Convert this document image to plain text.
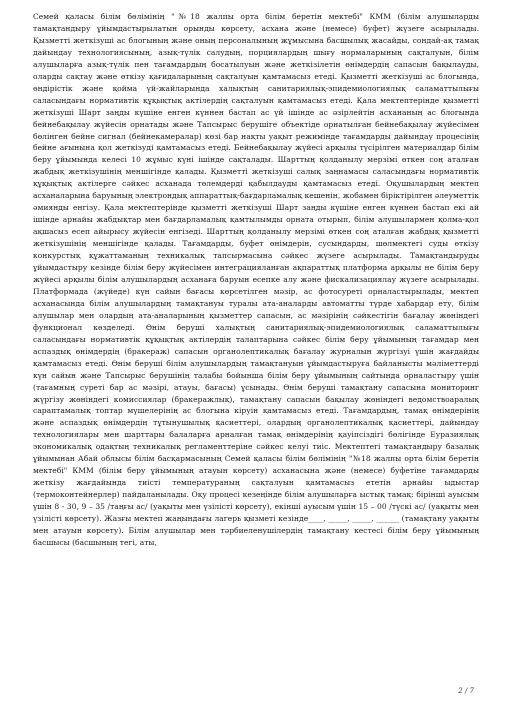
Семей қаласы білім бөлімінің "№18 жалпы орта білім беретін мектебі" КММ (білім алушыларды тамақтандыру ұйымдастырылатын орынды көрсету, асхана және (немесе) буфет) жүзеге асырылады. Қызметті жеткізуші ас блогының және оның персоналының жұмысына басшылық жасайды, сондай-ақ тамақ дайындау технологиясының, азық-түлік салудың, порциялардың шығу нормаларының сақталуын, білім алушыларға азық-түлік пен тағамдардың босатылуын және жеткізілетін өнімдердің сапасын бақылауды, оларды сақтау және өткізу қағидаларының сақталуын қамтамасыз етеді. Қызметті жеткізуші ас блогында, өндірістік және қойма үй-жайларында халықтың санитариялық-эпидемиологиялық саламаттылығы саласындағы нормативтік құқықтық актілердің сақталуын қамтамасыз етеді. Қала мектептерінде қызметті жеткізуші Шарт заңды күшіне енген күннен бастап ас үй ішінде ас әзірлейтін асхананың ас блогында бейнебақылау жүйесін орнатады және Тапсырыс берушіге объектіде орнатылған бейнебақылау жүйесімен бөлінген бейне сигнал (бейнекамералар) көзі бар нақты уақыт режимінде тағамдарды дайындау процесінің бейне ағынына қол жеткізуді қамтамасыз етеді. Бейнебақылау жүйесі арқылы түсірілген материалдар білім беру ұйымында келесі 10 жұмыс күні ішінде сақталады. Шарттың қолданылу мерзімі өткен соң аталған жабдық жеткізушінің меншігінде қалады. Қызметті жеткізуші салық заңнамасы саласындағы нормативтік құқықтық актілерге сәйкес асханада төлемдерді қабылдауды қамтамасыз етеді. Оқушылардың мектеп асханаларына баруының электрондық аппараттық-бағдарламалық кешенін, жобамен біріктірілген әлеуметтік әмиянды енгізу. Қала мектептерінде қызметті жеткізуші Шарт заңды күшіне енген күннен бастап екі ай ішінде арнайы жабдықтар мен бағдарламалық қамтылымды орната отырып, білім алушылармен қолма-қол ақшасыз есеп айырысу жүйесін енгізеді. Шарттың қолданылу мерзімі өткен соң аталған жабдық қызметті жеткізушінің меншігінде қалады. Тағамдарды, буфет өнімдерін, сусындарды, шөлмектегі суды өткізу конкурстық құжаттаманың техникалық тапсырмасына сәйкес жүзеге асырылады. Тамақтандыруды ұйымдастыру кезінде білім беру жүйесімен интеграцияланған ақпараттық платформа арқылы не білім беру жүйесі арқылы білім алушылардың асханаға баруын есепке алу және фискализациялау жүзеге асырылады. Платформада (жүйеде) күн сайын бағасы көрсетілген мәзір, ас фотосуреті орналастырылады, мектеп асханасында білім алушылардың тамақтануы туралы ата-аналарды автоматты түрде хабардар ету, білім алушылар мен олардың ата-аналарының қызметтер сапасын, ас мәзірінің сәйкестігін бағалау жөніндегі функционал көзделеді. Өнім беруші халықтың санитариялық-эпидемиологиялық саламаттылығы саласындағы нормативтік құқықтық актілердің талаптарына сәйкес білім беру ұйымының тағамдар мен аспаздық өнімдердің (бракераж) сапасын органолептикалық бағалау журналын жүргізуі үшін жағдайды қамтамасыз етеді. Өнім беруші білім алушылардың тамақтануын ұйымдастыруға байланысты мәліметтерді күн сайын және Тапсырыс берушінің талабы бойынша білім беру ұйымының сайтында орналастыру үшін (тағамның суреті бар ас мәзірі, атауы, бағасы) ұсынады. Өнім беруші тамақтану сапасына мониторинг жүргізу жөніндегі комиссиялар (бракеражлық), тамақтану сапасын бақылау жөніндегі ведомствоаралық сараптамалық топтар мүшелерінің ас блогына кіруін қамтамасыз етеді. Тағамдардың, тамақ өнімдерінің және аспаздық өнімдердің тұтынушылық қасиеттері, олардың органолептикалық қасиеттері, дайындау технологиялары мен шарттары балаларға арналған тамақ өнімдерінің қауіпсіздігі бөлігінде Еуразиялық экономикалық одақтың техникалық регламенттеріне сәйкес келуі тиіс. Мектептегі тамақтандыру базалық ұйымынан Абай облысы білім басқармасының Семей қаласы білім бөлімінің "№18 жалпы орта білім беретін мектебі" КММ (білім беру ұйымының атауын көрсету) асханасына және (немесе) буфетіне тағамдарды жеткізу жағдайында тиісті температураның сақталуын қамтамасыз ететін арнайы ыдыстар (термоконтейнерлер) пайдаланылады. Оқу процесі кезеңінде білім алушыларға ыстық тамақ: бірінші ауысым үшін 8 - 30, 9 – 35 /таңғы ас/ (уақыты мен үзілісті көрсету), екінші ауысым үшін 15 – 00 /түскі ас/ (уақыты мен үзілісті көрсету). Жазғы мектеп жаңындағы лагерь қызметі кезінде____, _____, _____, ______ (тамақтану уақыты мен атауын көрсету). Білім алушылар мен тәрбиеленушілердің тамақтану кестесі білім беру ұйымының басшысы (басшының тегі, аты,

2 / 7
